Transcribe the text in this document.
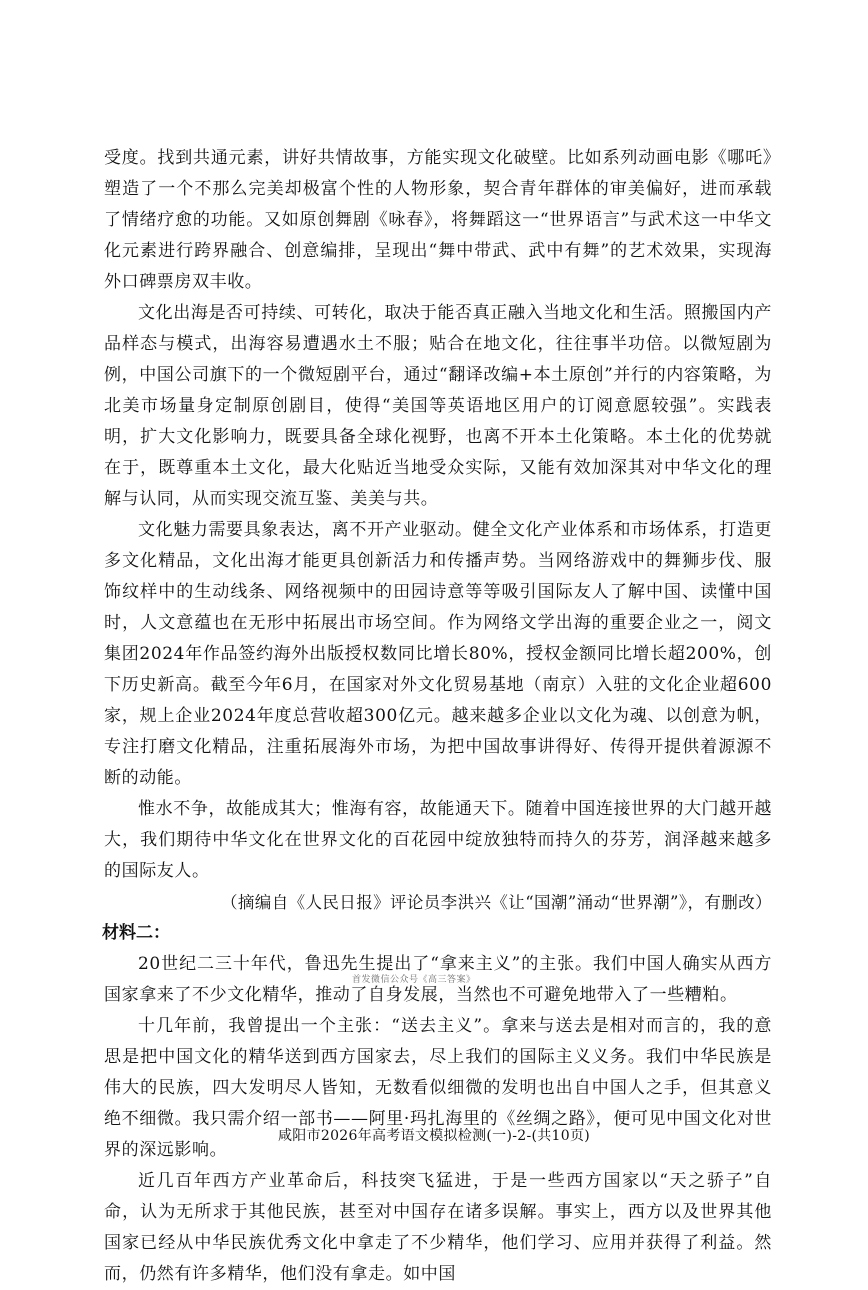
受度。找到共通元素，讲好共情故事，方能实现文化破壁。比如系列动画电影《哪吒》塑造了一个不那么完美却极富个性的人物形象，契合青年群体的审美偏好，进而承载了情绪疗愈的功能。又如原创舞剧《咏春》，将舞蹈这一“世界语言”与武术这一中华文化元素进行跨界融合、创意编排，呈现出“舞中带武、武中有舞”的艺术效果，实现海外口碑票房双丰收。

文化出海是否可持续、可转化，取决于能否真正融入当地文化和生活。照搬国内产品样态与模式，出海容易遭遇水土不服；贴合在地文化，往往事半功倍。以微短剧为例，中国公司旗下的一个微短剧平台，通过“翻译改编+本土原创”并行的内容策略，为北美市场量身定制原创剧目，使得“美国等英语地区用户的订阅意愿较强”。实践表明，扩大文化影响力，既要具备全球化视野，也离不开本土化策略。本土化的优势就在于，既尊重本土文化，最大化贴近当地受众实际，又能有效加深其对中华文化的理解与认同，从而实现交流互鉴、美美与共。

文化魅力需要具象表达，离不开产业驱动。健全文化产业体系和市场体系，打造更多文化精品，文化出海才能更具创新活力和传播声势。当网络游戏中的舞狮步伐、服饰纹样中的生动线条、网络视频中的田园诗意等等吸引国际友人了解中国、读懂中国时，人文意蕴也在无形中拓展出市场空间。作为网络文学出海的重要企业之一，阅文集团2024年作品签约海外出版授权数同比增长80%，授权金额同比增长超200%，创下历史新高。截至今年6月，在国家对外文化贸易基地（南京）入驻的文化企业超600家，规上企业2024年度总营收超300亿元。越来越多企业以文化为魂、以创意为帆，专注打磨文化精品，注重拓展海外市场，为把中国故事讲得好、传得开提供着源源不断的动能。

惟水不争，故能成其大；惟海有容，故能通天下。随着中国连接世界的大门越开越大，我们期待中华文化在世界文化的百花园中绽放独特而持久的芬芳，润泽越来越多的国际友人。

（摘编自《人民日报》评论员李洪兴《让“国潮”涌动“世界潮”》，有删改）

材料二：

20世纪二三十年代，鲁迅先生提出了“拿来主义”的主张。我们中国人确实从西方国家拿来了不少文化精华，推动了自身发展，当然也不可避免地带入了一些糟粕。

十几年前，我曾提出一个主张：“送去主义”。拿来与送去是相对而言的，我的意思是把中国文化的精华送到西方国家去，尽上我们的国际主义义务。我们中华民族是伟大的民族，四大发明尽人皆知，无数看似细微的发明也出自中国人之手，但其意义绝不细微。我只需介绍一部书——阿里·玛扎海里的《丝绸之路》，便可见中国文化对世界的深远影响。

近几百年西方产业革命后，科技突飞猛进，于是一些西方国家以“天之骄子”自命，认为无所求于其他民族，甚至对中国存在诸多误解。事实上，西方以及世界其他国家已经从中华民族优秀文化中拿走了不少精华，他们学习、应用并获得了利益。然而，仍然有许多精华，他们没有拿走。如中国

首发微信公众号《高三答案》
咸阳市2026年高考语文模拟检测(一)-2-(共10页)
